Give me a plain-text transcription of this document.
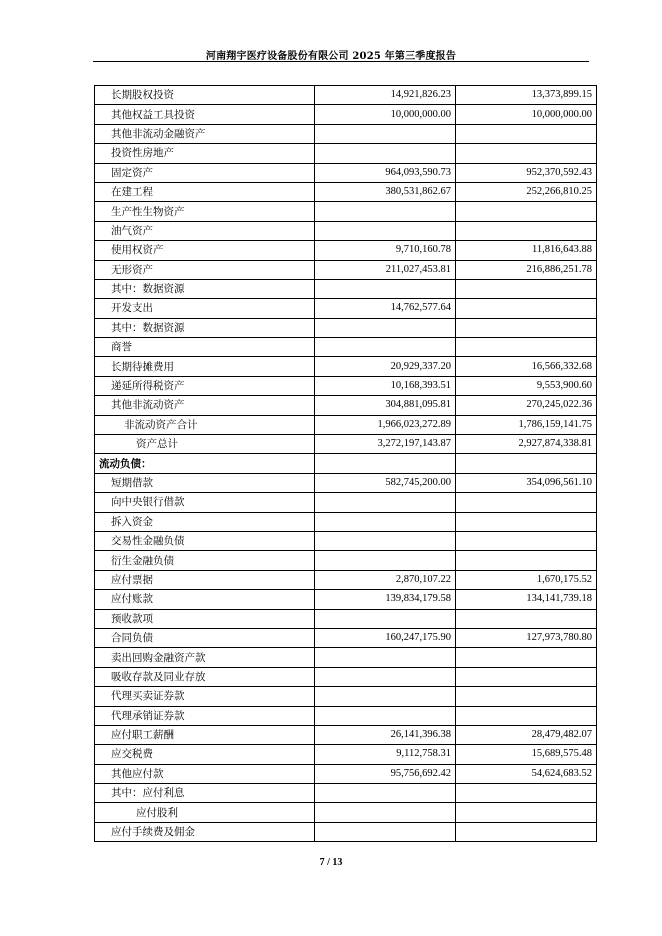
河南翔宇医疗设备股份有限公司 2025 年第三季度报告
长期股权投资	14,921,826.23	13,373,899.15
其他权益工具投资	10,000,000.00	10,000,000.00
其他非流动金融资产		
投资性房地产		
固定资产	964,093,590.73	952,370,592.43
在建工程	380,531,862.67	252,266,810.25
生产性生物资产		
油气资产		
使用权资产	9,710,160.78	11,816,643.88
无形资产	211,027,453.81	216,886,251.78
其中：数据资源		
开发支出	14,762,577.64	
其中：数据资源		
商誉		
长期待摊费用	20,929,337.20	16,566,332.68
递延所得税资产	10,168,393.51	9,553,900.60
其他非流动资产	304,881,095.81	270,245,022.36
非流动资产合计	1,966,023,272.89	1,786,159,141.75
资产总计	3,272,197,143.87	2,927,874,338.81
流动负债：		
短期借款	582,745,200.00	354,096,561.10
向中央银行借款		
拆入资金		
交易性金融负债		
衍生金融负债		
应付票据	2,870,107.22	1,670,175.52
应付账款	139,834,179.58	134,141,739.18
预收款项		
合同负债	160,247,175.90	127,973,780.80
卖出回购金融资产款		
吸收存款及同业存放		
代理买卖证券款		
代理承销证券款		
应付职工薪酬	26,141,396.38	28,479,482.07
应交税费	9,112,758.31	15,689,575.48
其他应付款	95,756,692.42	54,624,683.52
其中：应付利息		
应付股利		
应付手续费及佣金		
7 / 13
